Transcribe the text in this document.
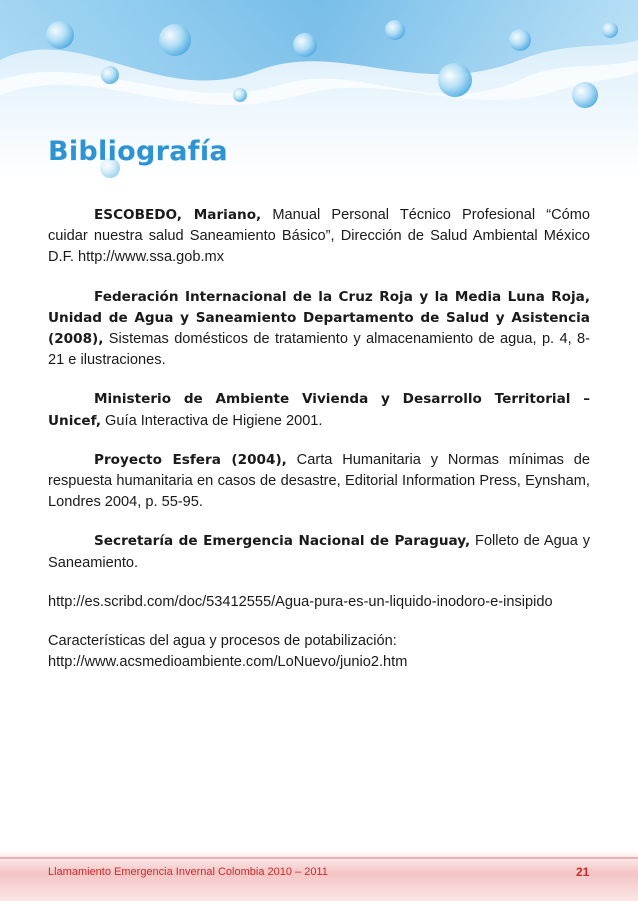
Bibliografía

ESCOBEDO, Mariano, Manual Personal Técnico Profesional “Cómo cuidar nuestra salud Saneamiento Básico”, Dirección de Salud Ambiental México D.F. http://www.ssa.gob.mx

Federación Internacional de la Cruz Roja y la Media Luna Roja, Unidad de Agua y Saneamiento Departamento de Salud y Asistencia (2008), Sistemas domésticos de tratamiento y almacenamiento de agua, p. 4, 8-21 e ilustraciones.

Ministerio de Ambiente Vivienda y Desarrollo Territorial – Unicef, Guía Interactiva de Higiene 2001.

Proyecto Esfera (2004), Carta Humanitaria y Normas mínimas de respuesta humanitaria en casos de desastre, Editorial Information Press, Eynsham, Londres 2004, p. 55-95.

Secretaría de Emergencia Nacional de Paraguay, Folleto de Agua y Saneamiento.

http://es.scribd.com/doc/53412555/Agua-pura-es-un-liquido-inodoro-e-insipido

Características del agua y procesos de potabilización:
http://www.acsmedioambiente.com/LoNuevo/junio2.htm

Llamamiento Emergencia Invernal Colombia 2010 – 2011	21
